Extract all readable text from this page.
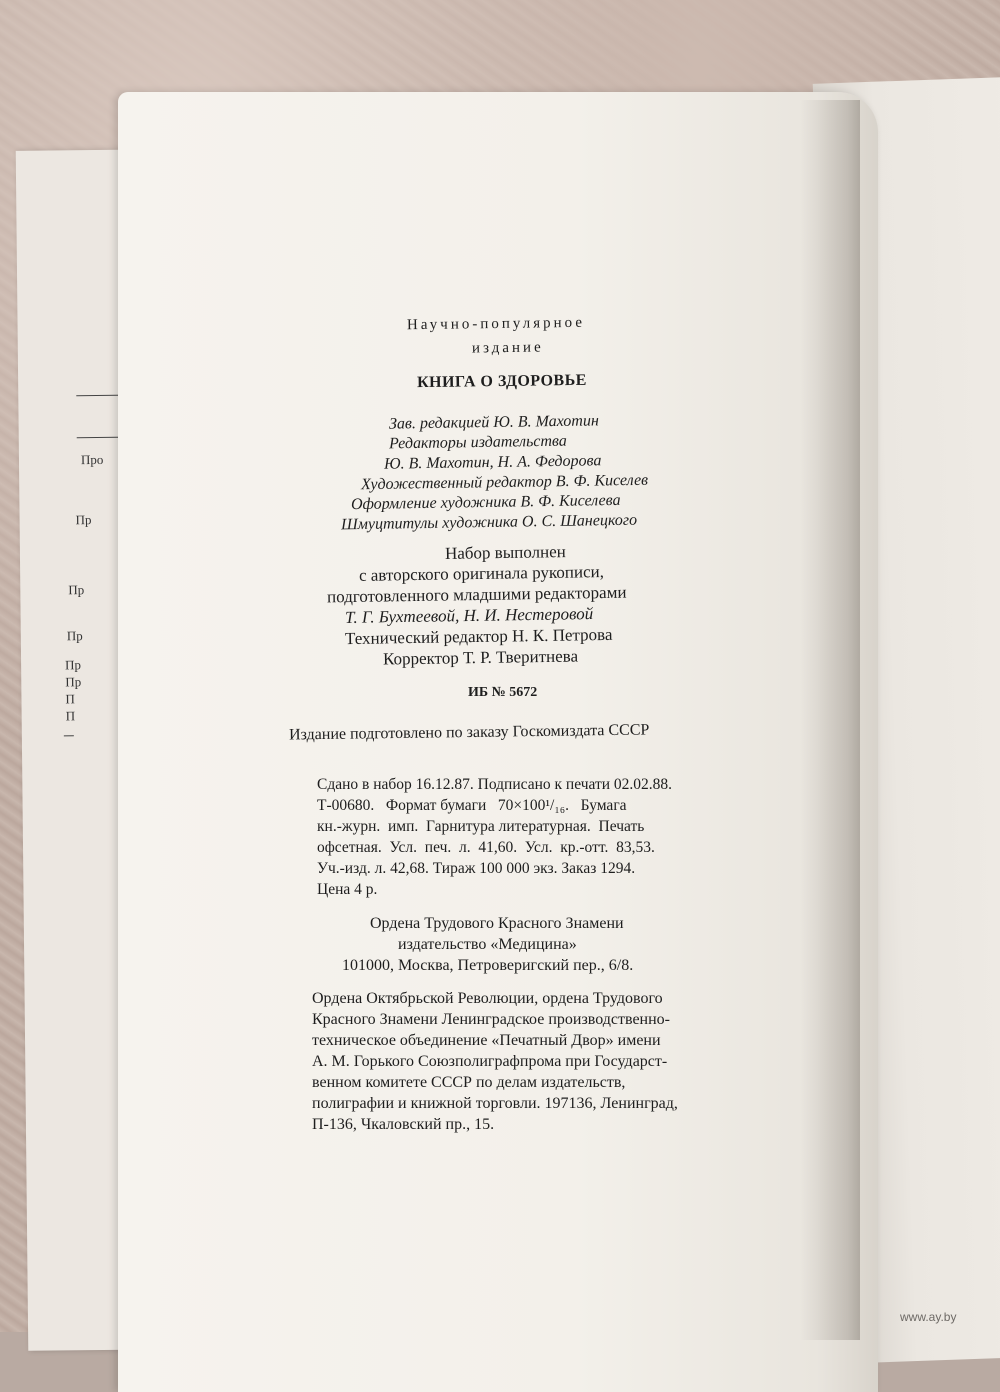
Про
Пр
Пр
Пр
Пр
Пр
П
П
Научно-популярное
издание
КНИГА О ЗДОРОВЬЕ
Зав. редакцией Ю. В. Махотин
Редакторы издательства
Ю. В. Махотин, Н. А. Федорова
Художественный редактор В. Ф. Киселев
Оформление художника В. Ф. Киселева
Шмуцтитулы художника О. С. Шанецкого
Набор выполнен
с авторского оригинала рукописи,
подготовленного младшими редакторами
Т. Г. Бухтеевой, Н. И. Нестеровой
Технический редактор Н. К. Петрова
Корректор Т. Р. Тверитнева
ИБ № 5672
Издание подготовлено по заказу Госкомиздата СССР
Сдано в набор 16.12.87. Подписано к печати 02.02.88.
Т-00680.   Формат бумаги   70×100¹/₁₆.   Бумага
кн.-журн.  имп.  Гарнитура литературная.  Печать
офсетная.  Усл.  печ.  л.  41,60.  Усл.  кр.-отт.  83,53.
Уч.-изд. л. 42,68. Тираж 100 000 экз. Заказ 1294.
Цена 4 р.
Ордена Трудового Красного Знамени
издательство «Медицина»
101000, Москва, Петроверигский пер., 6/8.
Ордена Октябрьской Революции, ордена Трудового
Красного Знамени Ленинградское производственно-
техническое объединение «Печатный Двор» имени
А. М. Горького Союзполиграфпрома при Государст-
венном комитете СССР по делам издательств,
полиграфии и книжной торговли. 197136, Ленинград,
П-136, Чкаловский пр., 15.
www.ay.by
